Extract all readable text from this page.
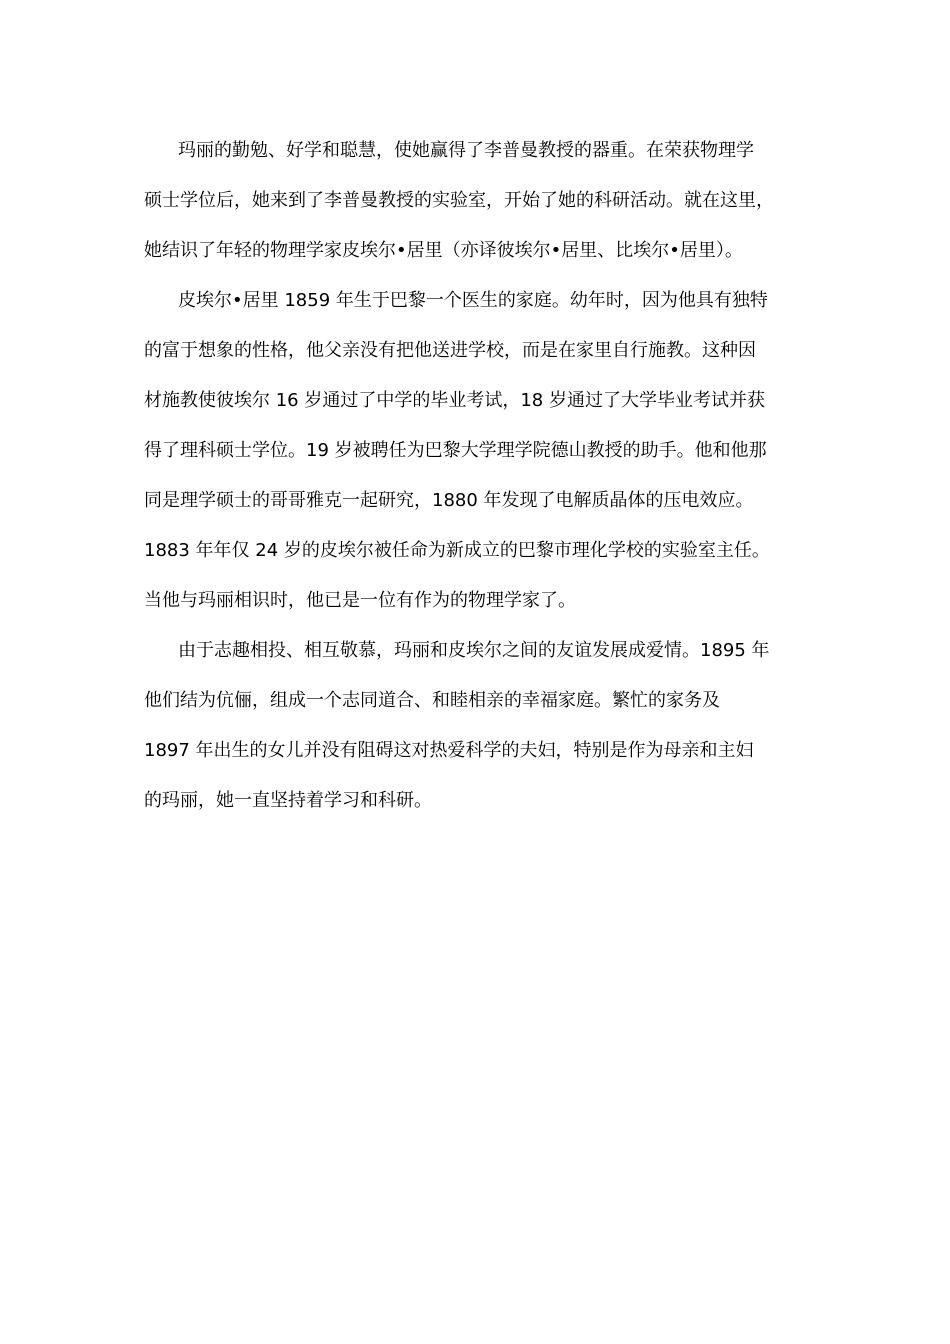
玛丽的勤勉、好学和聪慧，使她赢得了李普曼教授的器重。在荣获物理学
硕士学位后，她来到了李普曼教授的实验室，开始了她的科研活动。就在这里，
她结识了年轻的物理学家皮埃尔•居里（亦译彼埃尔•居里、比埃尔•居里）。
皮埃尔•居里 1859 年生于巴黎一个医生的家庭。幼年时，因为他具有独特
的富于想象的性格，他父亲没有把他送进学校，而是在家里自行施教。这种因
材施教使彼埃尔 16 岁通过了中学的毕业考试，18 岁通过了大学毕业考试并获
得了理科硕士学位。19 岁被聘任为巴黎大学理学院德山教授的助手。他和他那
同是理学硕士的哥哥雅克一起研究，1880 年发现了电解质晶体的压电效应。
1883 年年仅 24 岁的皮埃尔被任命为新成立的巴黎市理化学校的实验室主任。
当他与玛丽相识时，他已是一位有作为的物理学家了。
由于志趣相投、相互敬慕，玛丽和皮埃尔之间的友谊发展成爱情。1895 年
他们结为伉俪，组成一个志同道合、和睦相亲的幸福家庭。繁忙的家务及
1897 年出生的女儿并没有阻碍这对热爱科学的夫妇，特别是作为母亲和主妇
的玛丽，她一直坚持着学习和科研。
